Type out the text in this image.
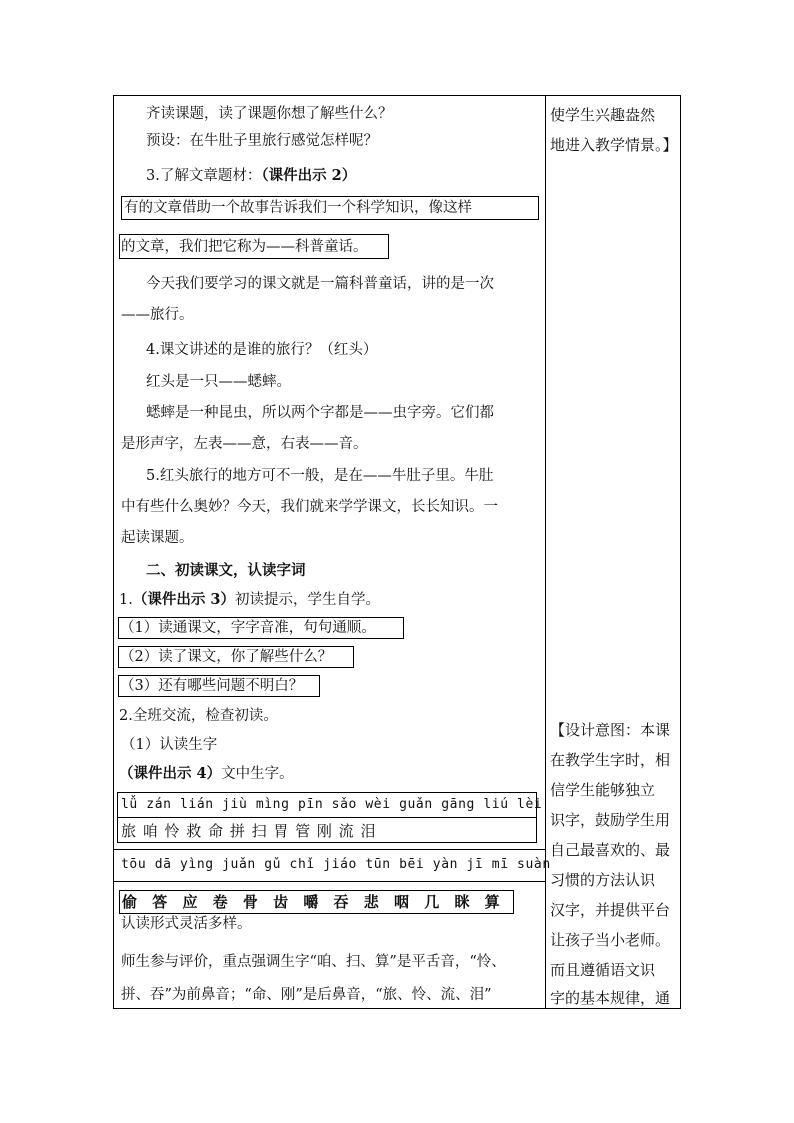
齐读课题，读了课题你想了解些什么？
预设：在牛肚子里旅行感觉怎样呢？
3.了解文章题材：（课件出示 2）
有的文章借助一个故事告诉我们一个科学知识，像这样
的文章，我们把它称为——科普童话。
今天我们要学习的课文就是一篇科普童话，讲的是一次
——旅行。
4.课文讲述的是谁的旅行？（红头）
红头是一只——蟋蟀。
蟋蟀是一种昆虫，所以两个字都是——虫字旁。它们都
是形声字，左表——意，右表——音。
5.红头旅行的地方可不一般，是在——牛肚子里。牛肚
中有些什么奥妙？今天，我们就来学学课文，长长知识。一
起读课题。
二、初读课文，认读字词
1.（课件出示 3）初读提示，学生自学。
（1）读通课文，字字音准，句句通顺。
（2）读了课文，你了解些什么？
（3）还有哪些问题不明白？
2.全班交流，检查初读。
（1）认读生字
（课件出示 4）文中生字。
lǚ zán lián jiù mìng pīn sǎo wèi guǎn gāng liú lèi
旅 咱 怜 救 命 拼 扫 胃 管 刚 流 泪
tōu dā yìng juǎn gǔ chǐ jiáo tūn bēi yàn jī mī suàn
偷 答 应 卷 骨 齿 嚼 吞 悲 咽 几 眯 算
认读形式灵活多样。
师生参与评价，重点强调生字“咱、扫、算”是平舌音，“怜、
拼、吞”为前鼻音；“命、刚”是后鼻音，“旅、怜、流、泪”
使学生兴趣盎然
地进入教学情景。】
【设计意图：本课
在教学生字时，相
信学生能够独立
识字，鼓励学生用
自己最喜欢的、最
习惯的方法认识
汉字，并提供平台
让孩子当小老师。
而且遵循语文识
字的基本规律，通
